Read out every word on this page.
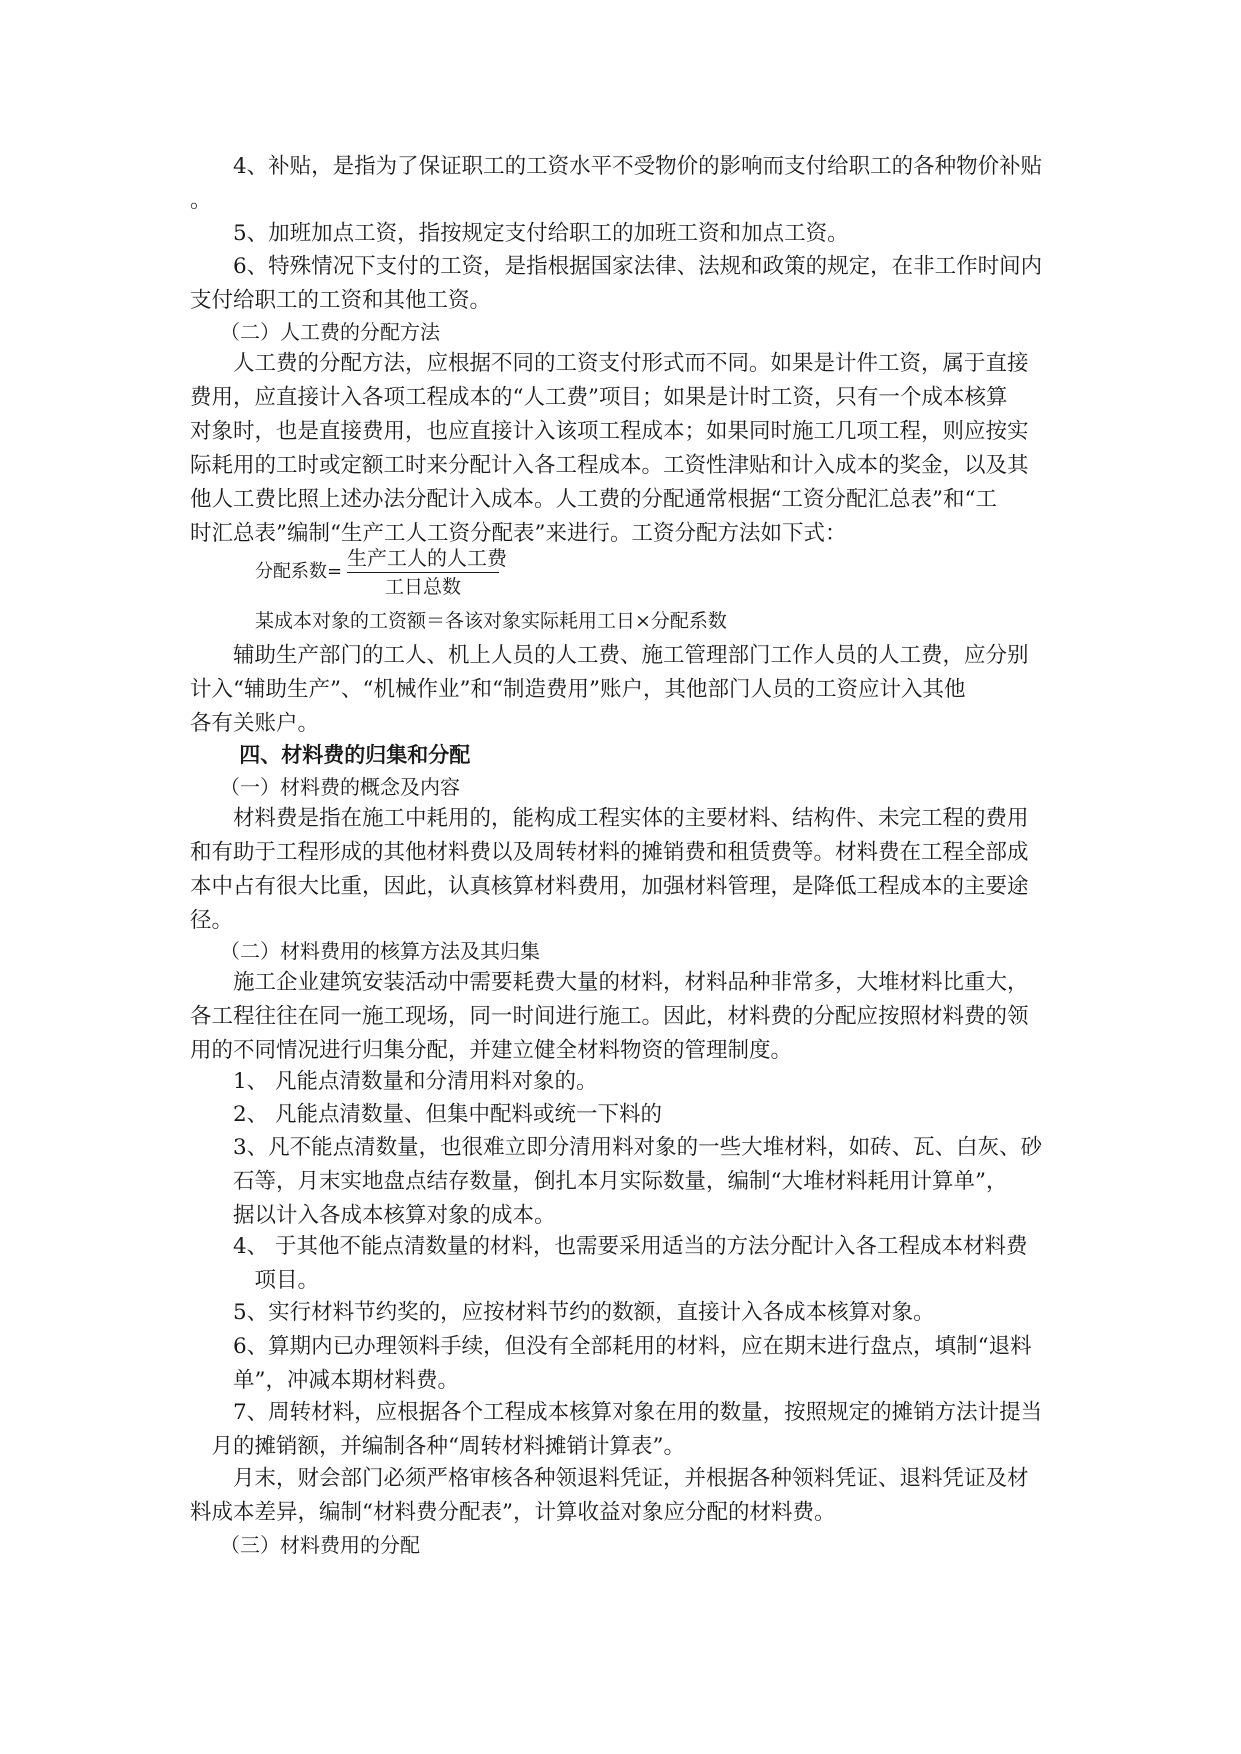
　　4、补贴，是指为了保证职工的工资水平不受物价的影响而支付给职工的各种物价补贴
。
　　5、加班加点工资，指按规定支付给职工的加班工资和加点工资。
　　6、特殊情况下支付的工资，是指根据国家法律、法规和政策的规定，在非工作时间内
支付给职工的工资和其他工资。
　　（二）人工费的分配方法
　　人工费的分配方法，应根据不同的工资支付形式而不同。如果是计件工资，属于直接
费用，应直接计入各项工程成本的“人工费”项目；如果是计时工资，只有一个成本核算
对象时，也是直接费用，也应直接计入该项工程成本；如果同时施工几项工程，则应按实
际耗用的工时或定额工时来分配计入各工程成本。工资性津贴和计入成本的奖金，以及其
他人工费比照上述办法分配计入成本。人工费的分配通常根据“工资分配汇总表”和“工
时汇总表”编制“生产工人工资分配表”来进行。工资分配方法如下式：
分配系数=
生产工人的人工费
工日总数
某成本对象的工资额＝各该对象实际耗用工日×分配系数
　　辅助生产部门的工人、机上人员的人工费、施工管理部门工作人员的人工费，应分别
计入“辅助生产”、“机械作业”和“制造费用”账户，其他部门人员的工资应计入其他
各有关账户。
　　 四、材料费的归集和分配
　　（一）材料费的概念及内容
　　材料费是指在施工中耗用的，能构成工程实体的主要材料、结构件、未完工程的费用
和有助于工程形成的其他材料费以及周转材料的摊销费和租赁费等。材料费在工程全部成
本中占有很大比重，因此，认真核算材料费用，加强材料管理，是降低工程成本的主要途
径。
　　（二）材料费用的核算方法及其归集
　　施工企业建筑安装活动中需要耗费大量的材料，材料品种非常多，大堆材料比重大，
各工程往往在同一施工现场，同一时间进行施工。因此，材料费的分配应按照材料费的领
用的不同情况进行归集分配，并建立健全材料物资的管理制度。
　　1、 凡能点清数量和分清用料对象的。
　　2、 凡能点清数量、但集中配料或统一下料的
　　3、凡不能点清数量，也很难立即分清用料对象的一些大堆材料，如砖、瓦、白灰、砂
　　石等，月末实地盘点结存数量，倒扎本月实际数量，编制“大堆材料耗用计算单”，
　　据以计入各成本核算对象的成本。
　　4、 于其他不能点清数量的材料，也需要采用适当的方法分配计入各工程成本材料费
　　　项目。
　　5、实行材料节约奖的，应按材料节约的数额，直接计入各成本核算对象。
　　6、算期内已办理领料手续，但没有全部耗用的材料，应在期末进行盘点，填制“退料
　　单”，冲减本期材料费。
　　7、周转材料，应根据各个工程成本核算对象在用的数量，按照规定的摊销方法计提当
　月的摊销额，并编制各种“周转材料摊销计算表”。
　　月末，财会部门必须严格审核各种领退料凭证，并根据各种领料凭证、退料凭证及材
料成本差异，编制“材料费分配表”，计算收益对象应分配的材料费。
　　（三）材料费用的分配
